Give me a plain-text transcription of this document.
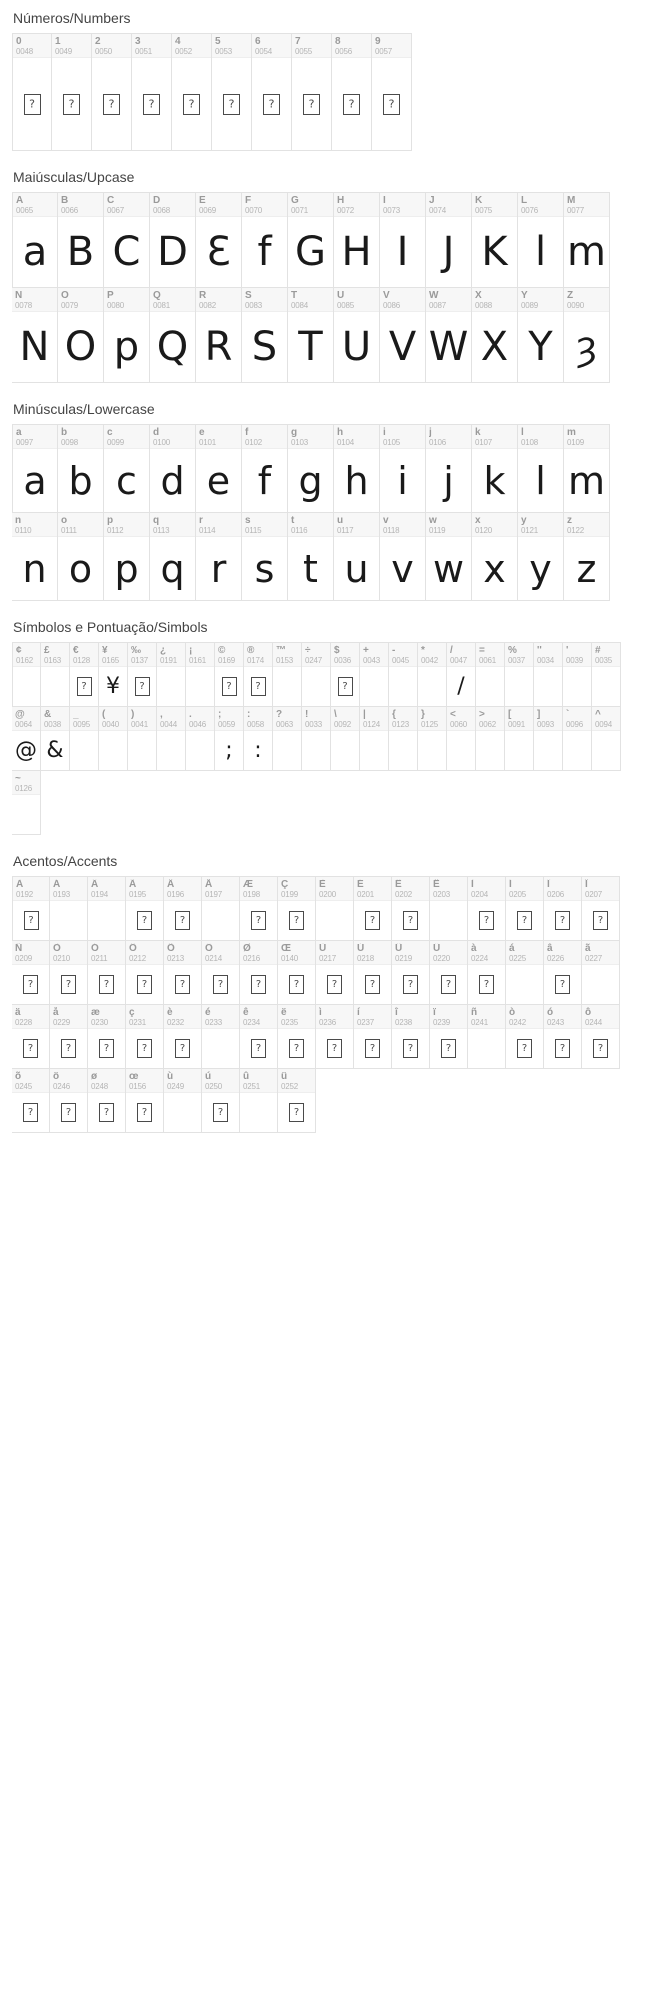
Números/Numbers
0
0048
1
0049
2
0050
3
0051
4
0052
5
0053
6
0054
7
0055
8
0056
9
0057
Maiúsculas/Upcase
A
0065
a
B
0066
B
C
0067
C
D
0068
D
E
0069
Ɛ
F
0070
f
G
0071
G
H
0072
H
I
0073
I
J
0074
J
K
0075
K
L
0076
l
M
0077
m
N
0078
N
O
0079
O
P
0080
p
Q
0081
Q
R
0082
R
S
0083
S
T
0084
T
U
0085
U
V
0086
V
W
0087
W
X
0088
X
Y
0089
Y
Z
0090
ȝ
Minúsculas/Lowercase
a
0097
a
b
0098
b
c
0099
c
d
0100
d
e
0101
e
f
0102
f
g
0103
g
h
0104
h
i
0105
i
j
0106
j
k
0107
k
l
0108
l
m
0109
m
n
0110
n
o
0111
o
p
0112
p
q
0113
q
r
0114
r
s
0115
s
t
0116
t
u
0117
u
v
0118
v
w
0119
w
x
0120
x
y
0121
y
z
0122
z
Símbolos e Pontuação/Simbols
¢
0162
£
0163
€
0128
¥
0165
¥
‰
0137
¿
0191
¡
0161
©
0169
®
0174
™
0153
÷
0247
$
0036
+
0043
-
0045
*
0042
/
0047
/
=
0061
%
0037
''
0034
'
0039
#
0035
@
0064
@
&
0038
&
_
0095
(
0040
)
0041
,
0044
.
0046
;
0059
;
:
0058
:
?
0063
!
0033
\
0092
|
0124
{
0123
}
0125
<
0060
>
0062
[
0091
]
0093
`
0096
^
0094
~
0126
Acentos/Accents
À
0192
Á
0193
Â
0194
Ã
0195
Ä
0196
Å
0197
Æ
0198
Ç
0199
È
0200
É
0201
Ê
0202
Ë
0203
Ì
0204
Í
0205
Î
0206
Ï
0207
Ñ
0209
Ò
0210
Ó
0211
Ô
0212
Õ
0213
Ö
0214
Ø
0216
Œ
0140
Ù
0217
Ú
0218
Û
0219
Ü
0220
à
0224
á
0225
â
0226
ã
0227
ä
0228
å
0229
æ
0230
ç
0231
è
0232
é
0233
ê
0234
ë
0235
ì
0236
í
0237
î
0238
ï
0239
ñ
0241
ò
0242
ó
0243
ô
0244
õ
0245
ö
0246
ø
0248
œ
0156
ù
0249
ú
0250
û
0251
ü
0252
